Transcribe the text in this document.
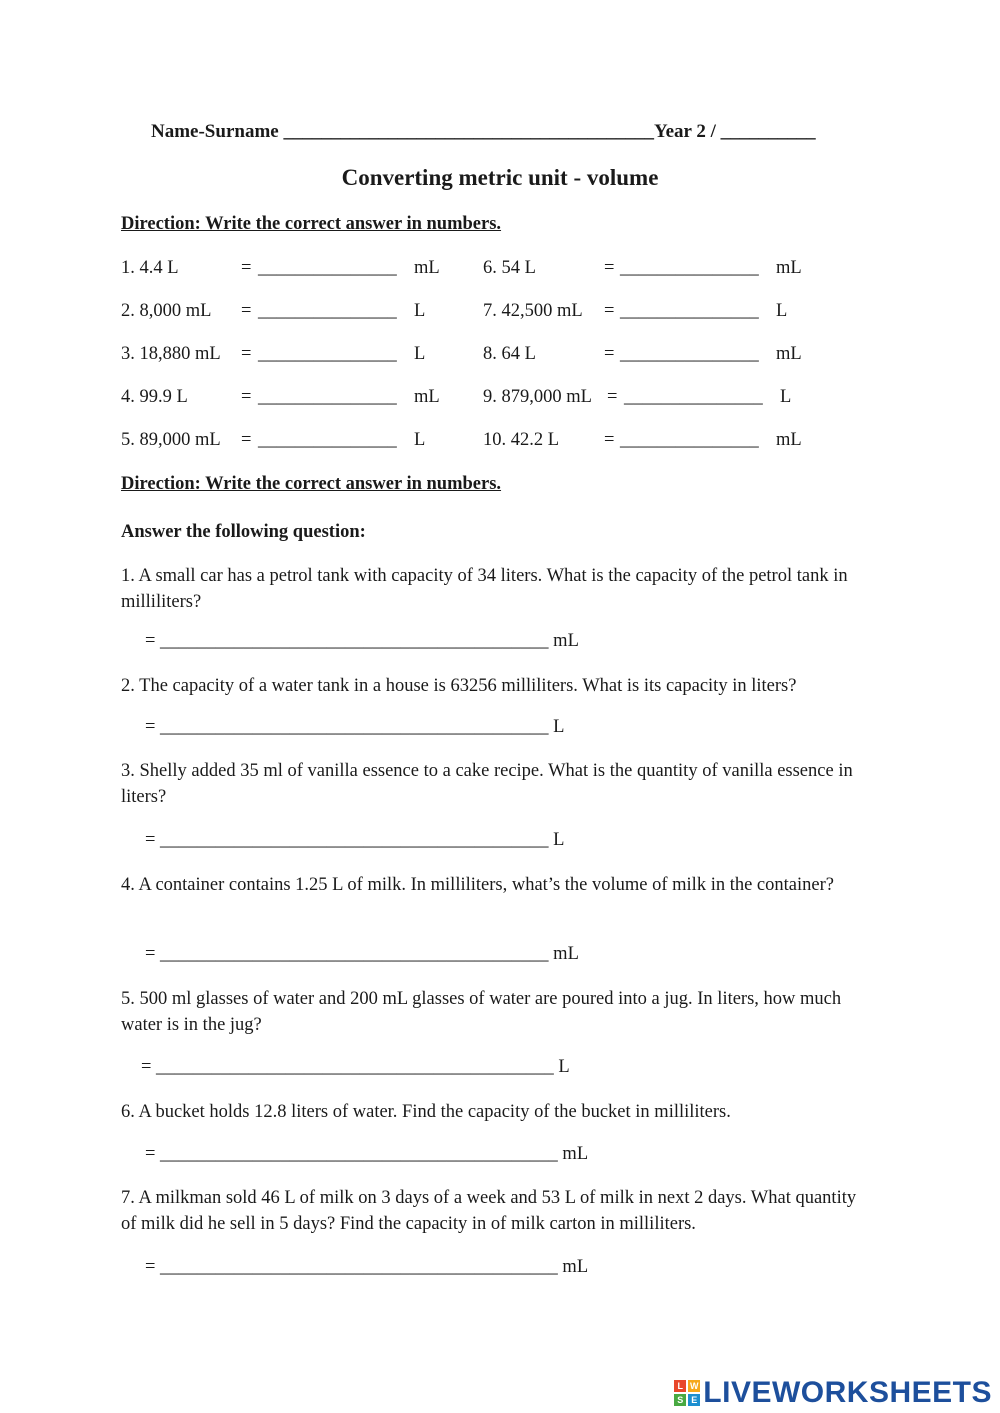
Name-Surname _______________________________________Year 2 / __________
Converting metric unit - volume
Direction: Write the correct answer in numbers.
1. 4.4 L	= _______________ mL 6. 54 L	= _______________ mL
2. 8,000 mL = _______________ L	7. 42,500 mL = _______________ L
3. 18,880 mL = _______________ L	8. 64 L	= _______________ mL
4. 99.9 L	= _______________ mL 9. 879,000 mL = _______________ L
5. 89,000 mL = _______________ L	10. 42.2 L = _______________ mL
Direction: Write the correct answer in numbers.
Answer the following question:
1. A small car has a petrol tank with capacity of 34 liters. What is the capacity of the petrol tank in milliliters?
= __________________________________________ mL
2. The capacity of a water tank in a house is 63256 milliliters. What is its capacity in liters?
= __________________________________________ L
3. Shelly added 35 ml of vanilla essence to a cake recipe. What is the quantity of vanilla essence in liters?
= __________________________________________ L
4. A container contains 1.25 L of milk. In milliliters, what’s the volume of milk in the container?
= __________________________________________ mL
5. 500 ml glasses of water and 200 mL glasses of water are poured into a jug. In liters, how much water is in the jug?
= ___________________________________________ L
6. A bucket holds 12.8 liters of water. Find the capacity of the bucket in milliliters.
= ___________________________________________ mL
7. A milkman sold 46 L of milk on 3 days of a week and 53 L of milk in next 2 days. What quantity of milk did he sell in 5 days? Find the capacity in of milk carton in milliliters.
= ___________________________________________ mL
L W
S E LIVEWORKSHEETS
